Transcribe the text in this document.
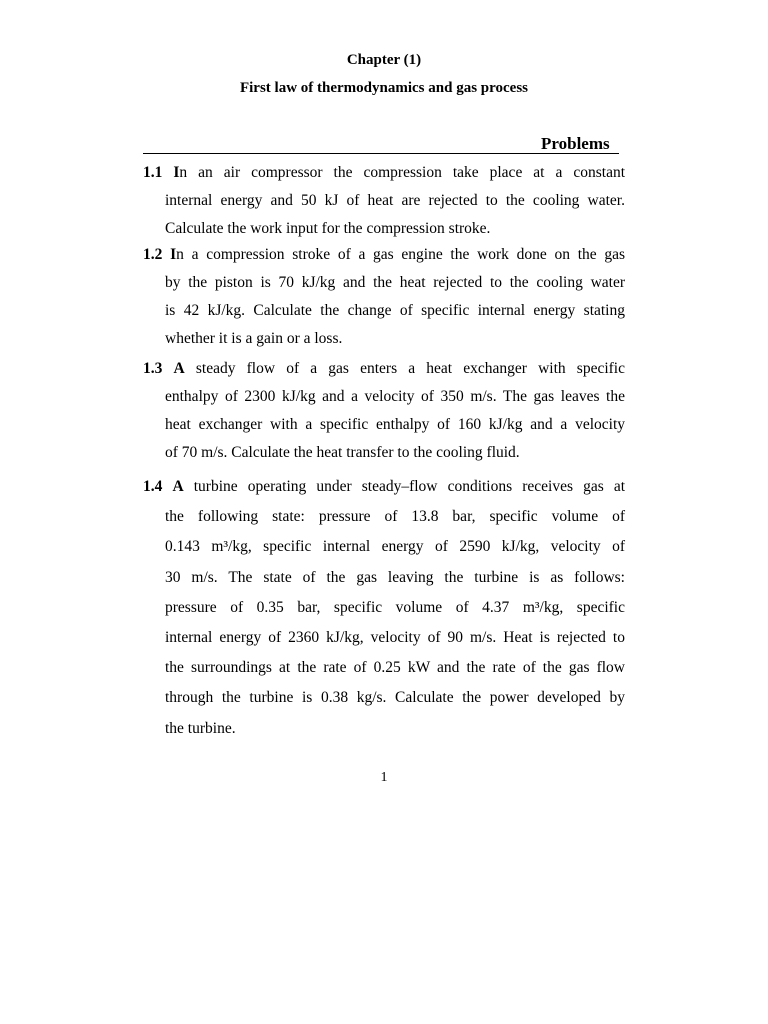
Chapter (1)
First law of thermodynamics and gas process
Problems
1.1 In an air compressor the compression take place at a constant
internal energy and 50 kJ of heat are rejected to the cooling water.
Calculate the work input for the compression stroke.
1.2 In a compression stroke of a gas engine the work done on the gas
by the piston is 70 kJ/kg and the heat rejected to the cooling water
is 42 kJ/kg. Calculate the change of specific internal energy stating
whether it is a gain or a loss.
1.3 A steady flow of a gas enters a heat exchanger with specific
enthalpy of 2300 kJ/kg and a velocity of 350 m/s. The gas leaves the
heat exchanger with a specific enthalpy of 160 kJ/kg and a velocity
of 70 m/s. Calculate the heat transfer to the cooling fluid.
1.4 A turbine operating under steady–flow conditions receives gas at
the following state: pressure of 13.8 bar, specific volume of
0.143 m³/kg, specific internal energy of 2590 kJ/kg, velocity of
30 m/s. The state of the gas leaving the turbine is as follows:
pressure of 0.35 bar, specific volume of 4.37 m³/kg, specific
internal energy of 2360 kJ/kg, velocity of 90 m/s. Heat is rejected to
the surroundings at the rate of 0.25 kW and the rate of the gas flow
through the turbine is 0.38 kg/s. Calculate the power developed by
the turbine.
1
